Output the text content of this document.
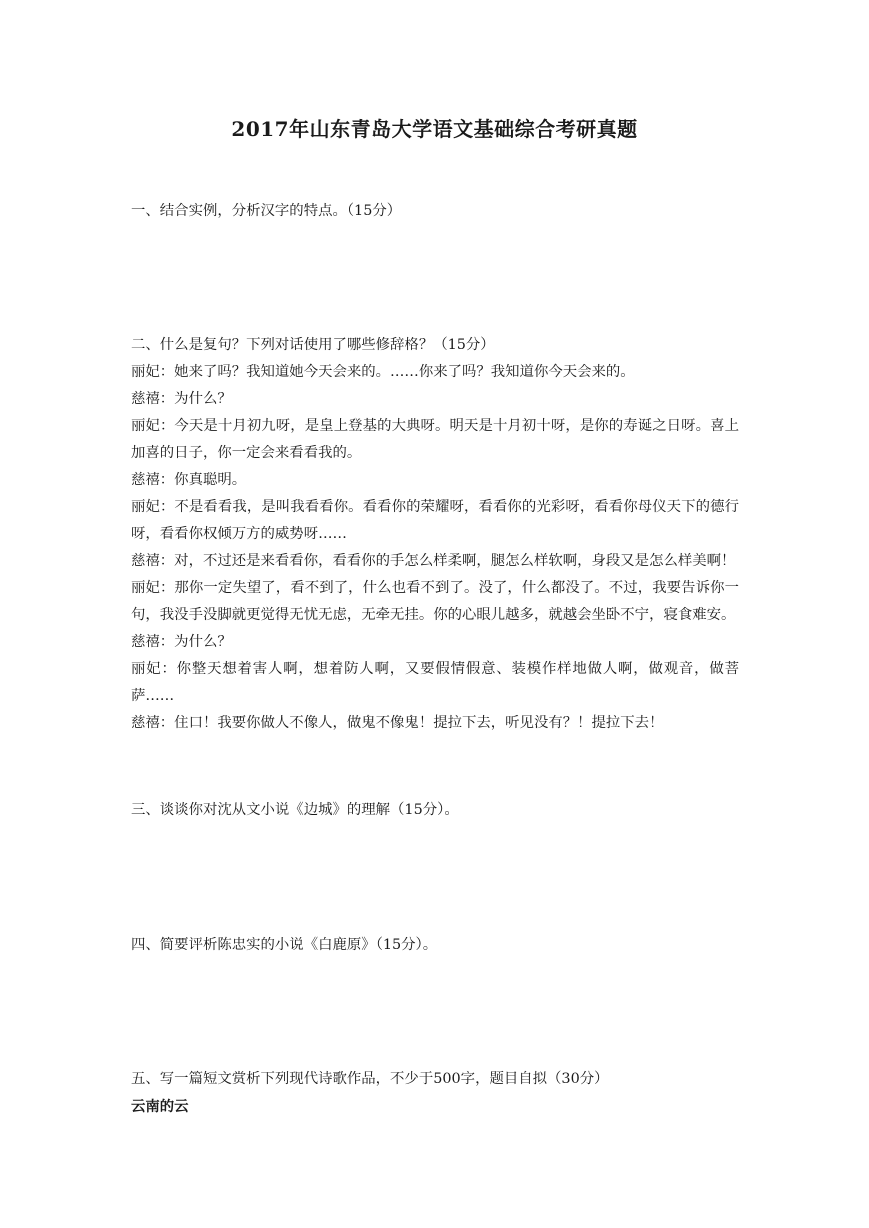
2017年山东青岛大学语文基础综合考研真题
一、结合实例，分析汉字的特点。（15分）
二、什么是复句？下列对话使用了哪些修辞格？（15分）
丽妃：她来了吗？我知道她今天会来的。……你来了吗？我知道你今天会来的。
慈禧：为什么？
丽妃：今天是十月初九呀，是皇上登基的大典呀。明天是十月初十呀，是你的寿诞之日呀。喜上加喜的日子，你一定会来看看我的。
慈禧：你真聪明。
丽妃：不是看看我，是叫我看看你。看看你的荣耀呀，看看你的光彩呀，看看你母仪天下的德行呀，看看你权倾万方的威势呀……
慈禧：对，不过还是来看看你，看看你的手怎么样柔啊，腿怎么样软啊，身段又是怎么样美啊！
丽妃：那你一定失望了，看不到了，什么也看不到了。没了，什么都没了。不过，我要告诉你一句，我没手没脚就更觉得无忧无虑，无牵无挂。你的心眼儿越多，就越会坐卧不宁，寝食难安。
慈禧：为什么？
丽妃：你整天想着害人啊，想着防人啊，又要假情假意、装模作样地做人啊，做观音，做菩萨……
慈禧：住口！我要你做人不像人，做鬼不像鬼！提拉下去，听见没有？！提拉下去！
三、谈谈你对沈从文小说《边城》的理解（15分）。
四、简要评析陈忠实的小说《白鹿原》（15分）。
五、写一篇短文赏析下列现代诗歌作品，不少于500字，题目自拟（30分）
云南的云
